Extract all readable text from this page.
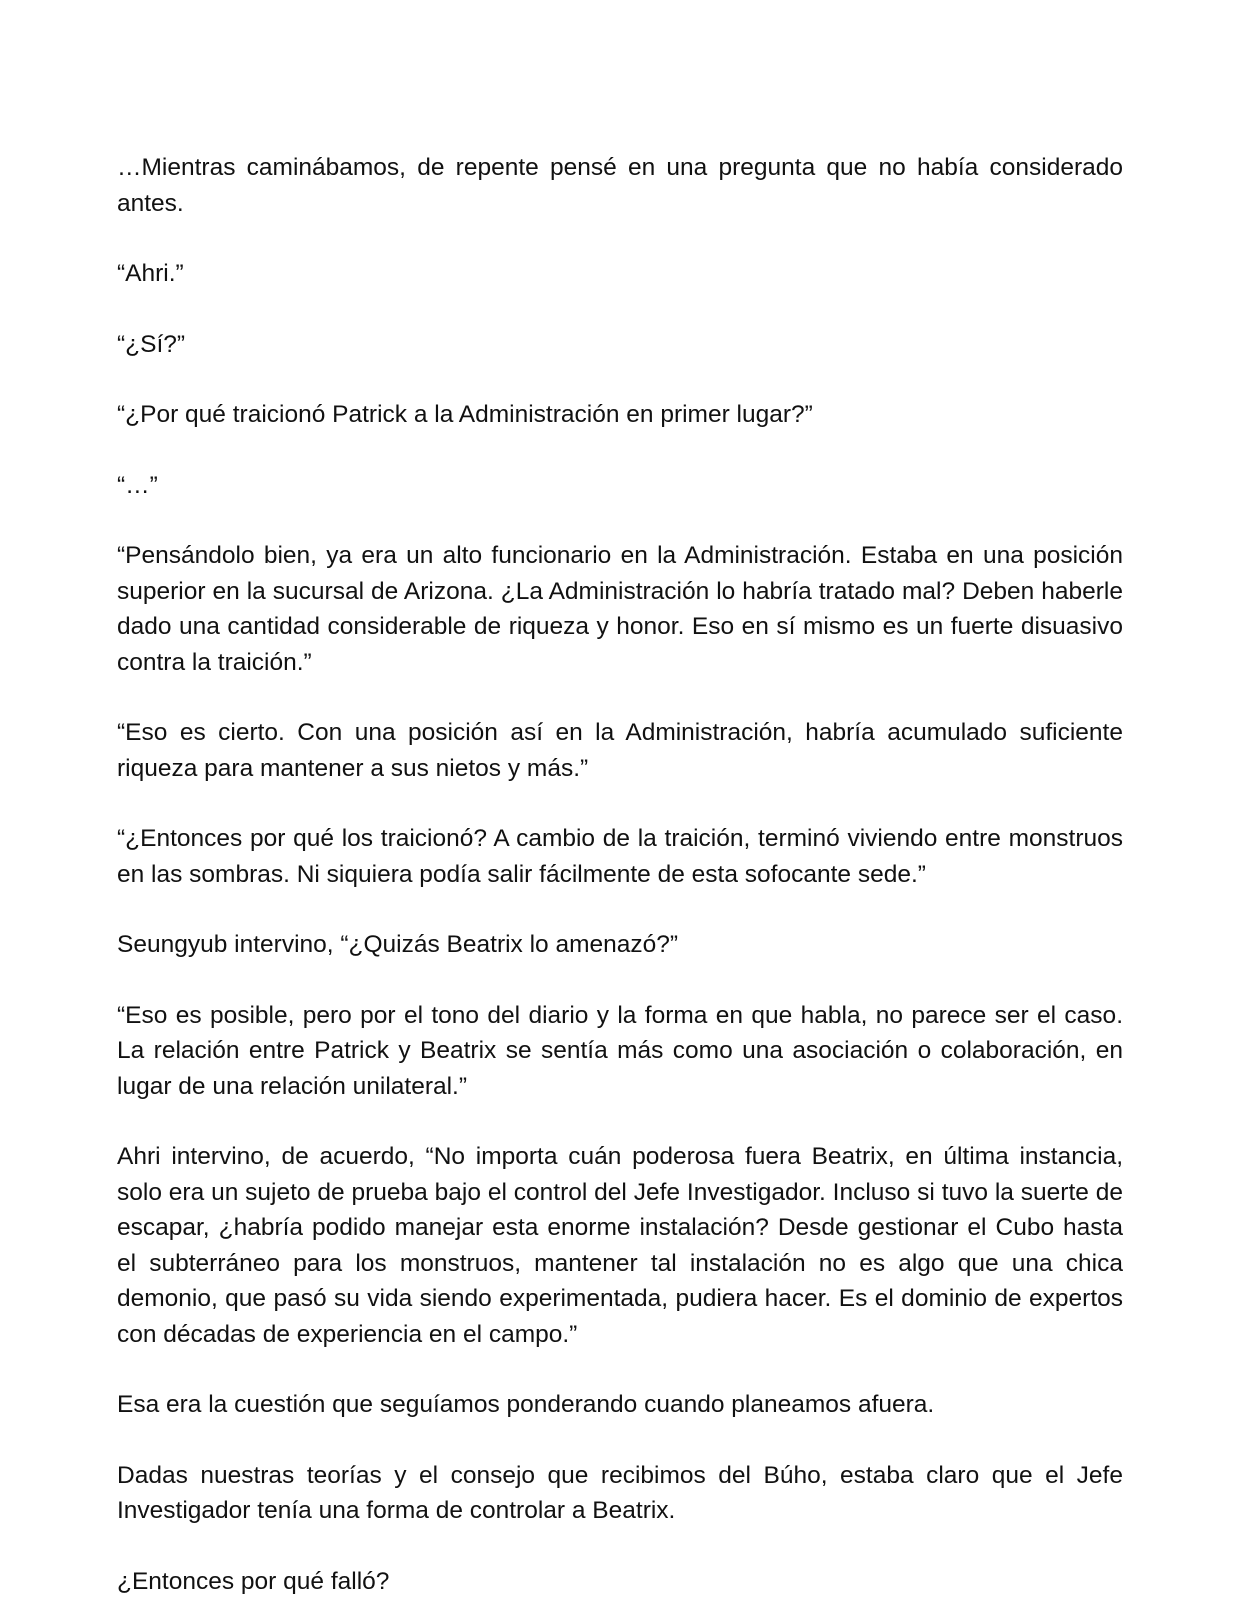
…Mientras caminábamos, de repente pensé en una pregunta que no había considerado antes.

“Ahri.”

“¿Sí?”

“¿Por qué traicionó Patrick a la Administración en primer lugar?”

“…”

“Pensándolo bien, ya era un alto funcionario en la Administración. Estaba en una posición superior en la sucursal de Arizona. ¿La Administración lo habría tratado mal? Deben haberle dado una cantidad considerable de riqueza y honor. Eso en sí mismo es un fuerte disuasivo contra la traición.”

“Eso es cierto. Con una posición así en la Administración, habría acumulado suficiente riqueza para mantener a sus nietos y más.”

“¿Entonces por qué los traicionó? A cambio de la traición, terminó viviendo entre monstruos en las sombras. Ni siquiera podía salir fácilmente de esta sofocante sede.”

Seungyub intervino, “¿Quizás Beatrix lo amenazó?”

“Eso es posible, pero por el tono del diario y la forma en que habla, no parece ser el caso. La relación entre Patrick y Beatrix se sentía más como una asociación o colaboración, en lugar de una relación unilateral.”

Ahri intervino, de acuerdo, “No importa cuán poderosa fuera Beatrix, en última instancia, solo era un sujeto de prueba bajo el control del Jefe Investigador. Incluso si tuvo la suerte de escapar, ¿habría podido manejar esta enorme instalación? Desde gestionar el Cubo hasta el subterráneo para los monstruos, mantener tal instalación no es algo que una chica demonio, que pasó su vida siendo experimentada, pudiera hacer. Es el dominio de expertos con décadas de experiencia en el campo.”

Esa era la cuestión que seguíamos ponderando cuando planeamos afuera.

Dadas nuestras teorías y el consejo que recibimos del Búho, estaba claro que el Jefe Investigador tenía una forma de controlar a Beatrix.

¿Entonces por qué falló?
